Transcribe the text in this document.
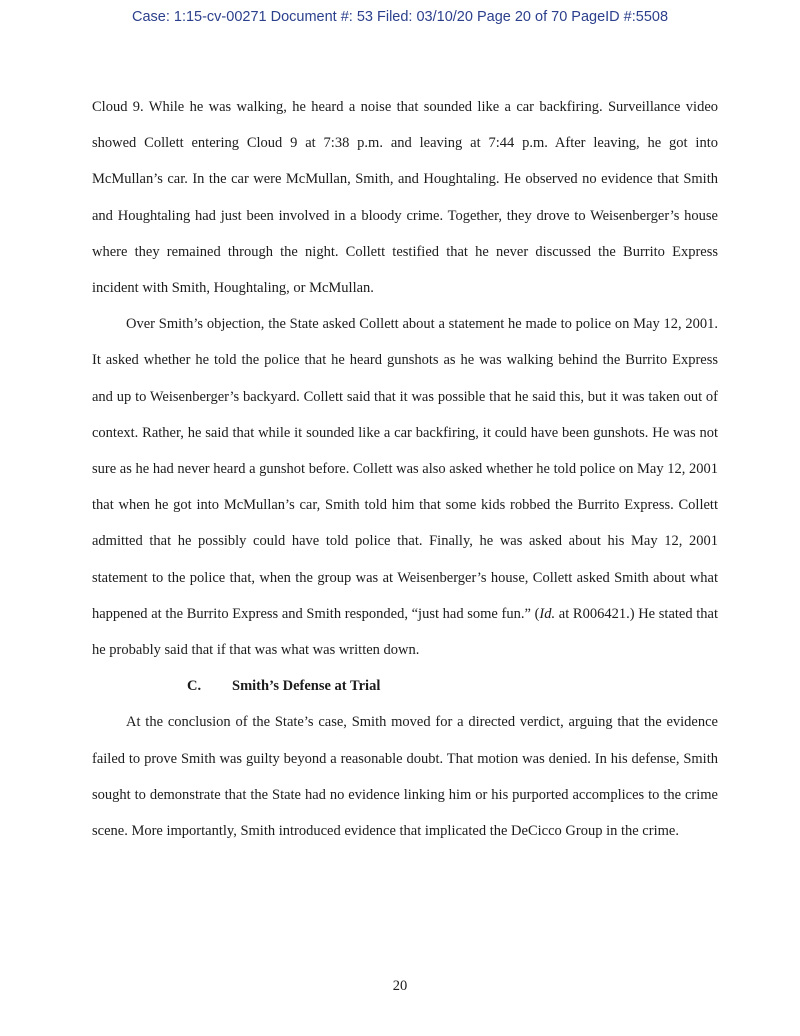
Case: 1:15-cv-00271 Document #: 53 Filed: 03/10/20 Page 20 of 70 PageID #:5508

Cloud 9. While he was walking, he heard a noise that sounded like a car backfiring. Surveillance video showed Collett entering Cloud 9 at 7:38 p.m. and leaving at 7:44 p.m. After leaving, he got into McMullan’s car. In the car were McMullan, Smith, and Houghtaling. He observed no evidence that Smith and Houghtaling had just been involved in a bloody crime. Together, they drove to Weisenberger’s house where they remained through the night. Collett testified that he never discussed the Burrito Express incident with Smith, Houghtaling, or McMullan.

Over Smith’s objection, the State asked Collett about a statement he made to police on May 12, 2001. It asked whether he told the police that he heard gunshots as he was walking behind the Burrito Express and up to Weisenberger’s backyard. Collett said that it was possible that he said this, but it was taken out of context. Rather, he said that while it sounded like a car backfiring, it could have been gunshots. He was not sure as he had never heard a gunshot before. Collett was also asked whether he told police on May 12, 2001 that when he got into McMullan’s car, Smith told him that some kids robbed the Burrito Express. Collett admitted that he possibly could have told police that. Finally, he was asked about his May 12, 2001 statement to the police that, when the group was at Weisenberger’s house, Collett asked Smith about what happened at the Burrito Express and Smith responded, “just had some fun.” (Id. at R006421.) He stated that he probably said that if that was what was written down.

C. Smith’s Defense at Trial

At the conclusion of the State’s case, Smith moved for a directed verdict, arguing that the evidence failed to prove Smith was guilty beyond a reasonable doubt. That motion was denied. In his defense, Smith sought to demonstrate that the State had no evidence linking him or his purported accomplices to the crime scene. More importantly, Smith introduced evidence that implicated the DeCicco Group in the crime.

20
